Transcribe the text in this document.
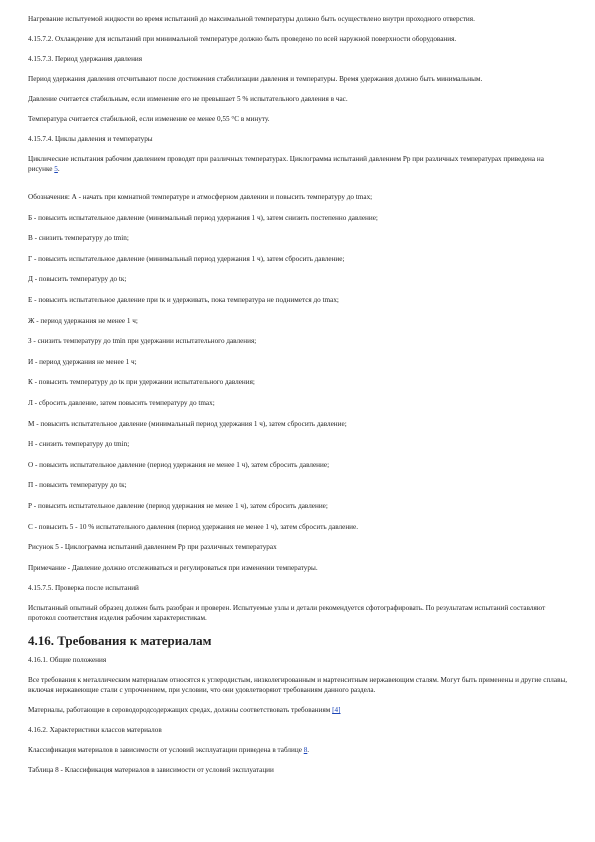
Нагревание испытуемой жидкости во время испытаний до максимальной температуры должно быть осуществлено внутри проходного отверстия.
4.15.7.2. Охлаждение для испытаний при минимальной температуре должно быть проведено по всей наружной поверхности оборудования.
4.15.7.3. Период удержания давления
Период удержания давления отсчитывают после достижения стабилизации давления и температуры. Время удержания должно быть минимальным.
Давление считается стабильным, если изменение его не превышает 5 % испытательного давления в час.
Температура считается стабильной, если изменение ее менее 0,55 °С в минуту.
4.15.7.4. Циклы давления и температуры
Циклические испытания рабочим давлением проводят при различных температурах. Циклограмма испытаний давлением Pp при различных температурах приведена на рисунке 5.
Обозначения: А - начать при комнатной температуре и атмосферном давлении и повысить температуру до tmax;
Б - повысить испытательное давление (минимальный период удержания 1 ч), затем снизить постепенно давление;
В - снизить температуру до tmin;
Г - повысить испытательное давление (минимальный период удержания 1 ч), затем сбросить давление;
Д - повысить температуру до tк;
Е - повысить испытательное давление при tк и удерживать, пока температура не поднимется до tmax;
Ж - период удержания не менее 1 ч;
З - снизить температуру до tmin при удержании испытательного давления;
И - период удержания не менее 1 ч;
К - повысить температуру до tк при удержании испытательного давления;
Л - сбросить давление, затем повысить температуру до tmax;
М - повысить испытательное давление (минимальный период удержания 1 ч), затем сбросить давление;
Н - снизить температуру до tmin;
О - повысить испытательное давление (период удержания не менее 1 ч), затем сбросить давление;
П - повысить температуру до tк;
Р - повысить испытательное давление (период удержания не менее 1 ч), затем сбросить давление;
С - повысить 5 - 10 % испытательного давления (период удержания не менее 1 ч), затем сбросить давление.
Рисунок 5 - Циклограмма испытаний давлением Pp при различных температурах
Примечание - Давление должно отслеживаться и регулироваться при изменении температуры.
4.15.7.5. Проверка после испытаний
Испытанный опытный образец должен быть разобран и проверен. Испытуемые узлы и детали рекомендуется сфотографировать. По результатам испытаний составляют протокол соответствия изделия рабочим характеристикам.
4.16. Требования к материалам
4.16.1. Общие положения
Все требования к металлическим материалам относятся к углеродистым, низколегированным и мартенситным нержавеющим сталям. Могут быть применены и другие сплавы, включая нержавеющие стали с упрочнением, при условии, что они удовлетворяют требованиям данного раздела.
Материалы, работающие в сероводородсодержащих средах, должны соответствовать требованиям [4]
4.16.2. Характеристики классов материалов
Классификация материалов в зависимости от условий эксплуатации приведена в таблице 8.
Таблица 8 - Классификация материалов в зависимости от условий эксплуатации
